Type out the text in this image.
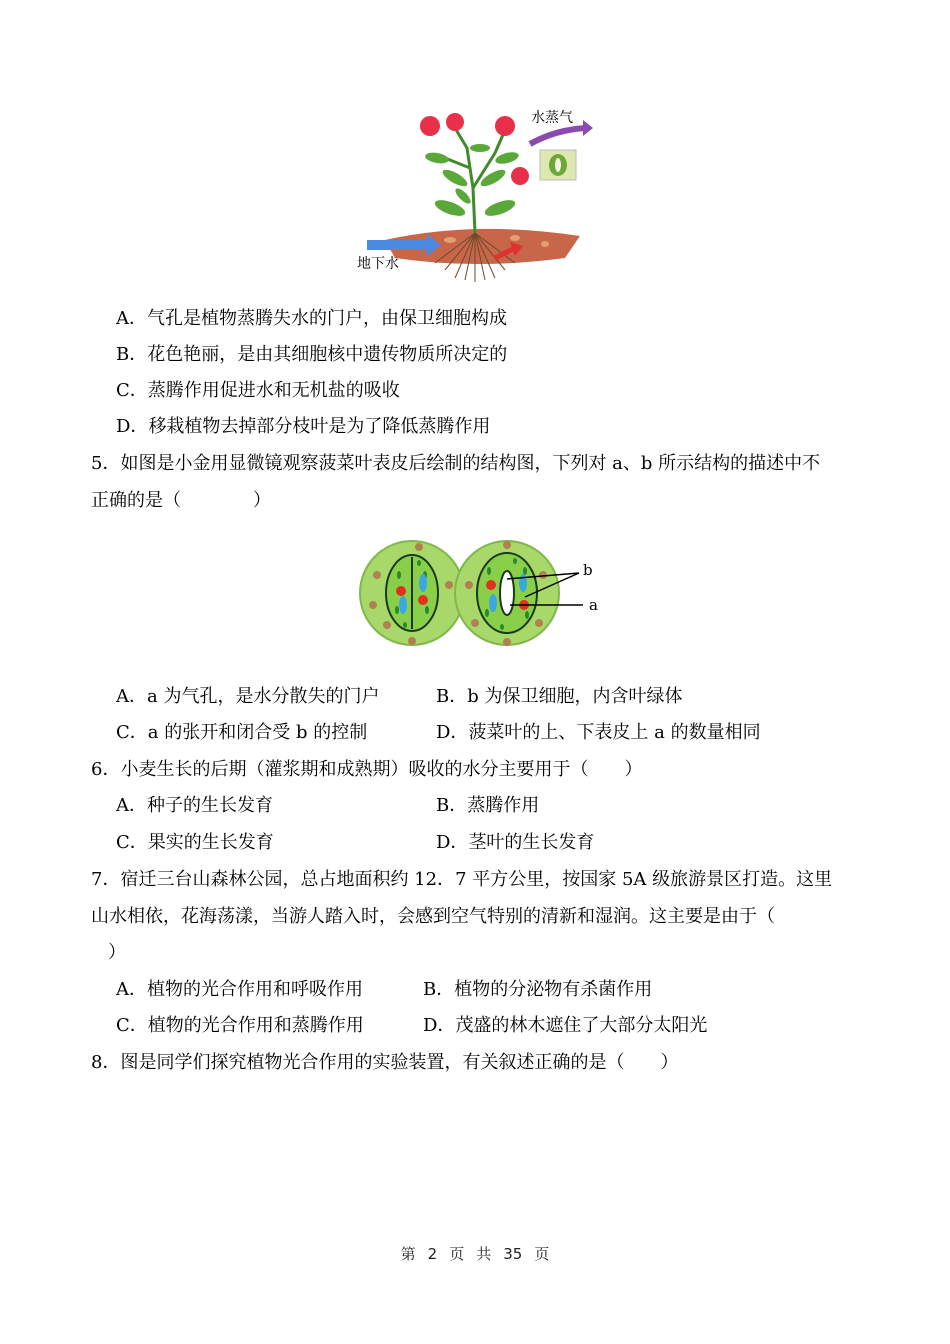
水蒸气
地下水
A．气孔是植物蒸腾失水的门户，由保卫细胞构成
B．花色艳丽，是由其细胞核中遗传物质所决定的
C．蒸腾作用促进水和无机盐的吸收
D．移栽植物去掉部分枝叶是为了降低蒸腾作用
5．如图是小金用显微镜观察菠菜叶表皮后绘制的结构图，下列对 a、b 所示结构的描述中不
正确的是（　　　　）
b
a
A．a 为气孔，是水分散失的门户	B．b 为保卫细胞，内含叶绿体
C．a 的张开和闭合受 b 的控制	D．菠菜叶的上、下表皮上 a 的数量相同
6．小麦生长的后期（灌浆期和成熟期）吸收的水分主要用于（　　）
A．种子的生长发育	B．蒸腾作用
C．果实的生长发育	D．茎叶的生长发育
7．宿迁三台山森林公园，总占地面积约 12．7 平方公里，按国家 5A 级旅游景区打造。这里
山水相依，花海荡漾，当游人踏入时，会感到空气特别的清新和湿润。这主要是由于（
）
A．植物的光合作用和呼吸作用	B．植物的分泌物有杀菌作用
C．植物的光合作用和蒸腾作用	D．茂盛的林木遮住了大部分太阳光
8．图是同学们探究植物光合作用的实验装置，有关叙述正确的是（　　）
第 2 页 共 35 页
